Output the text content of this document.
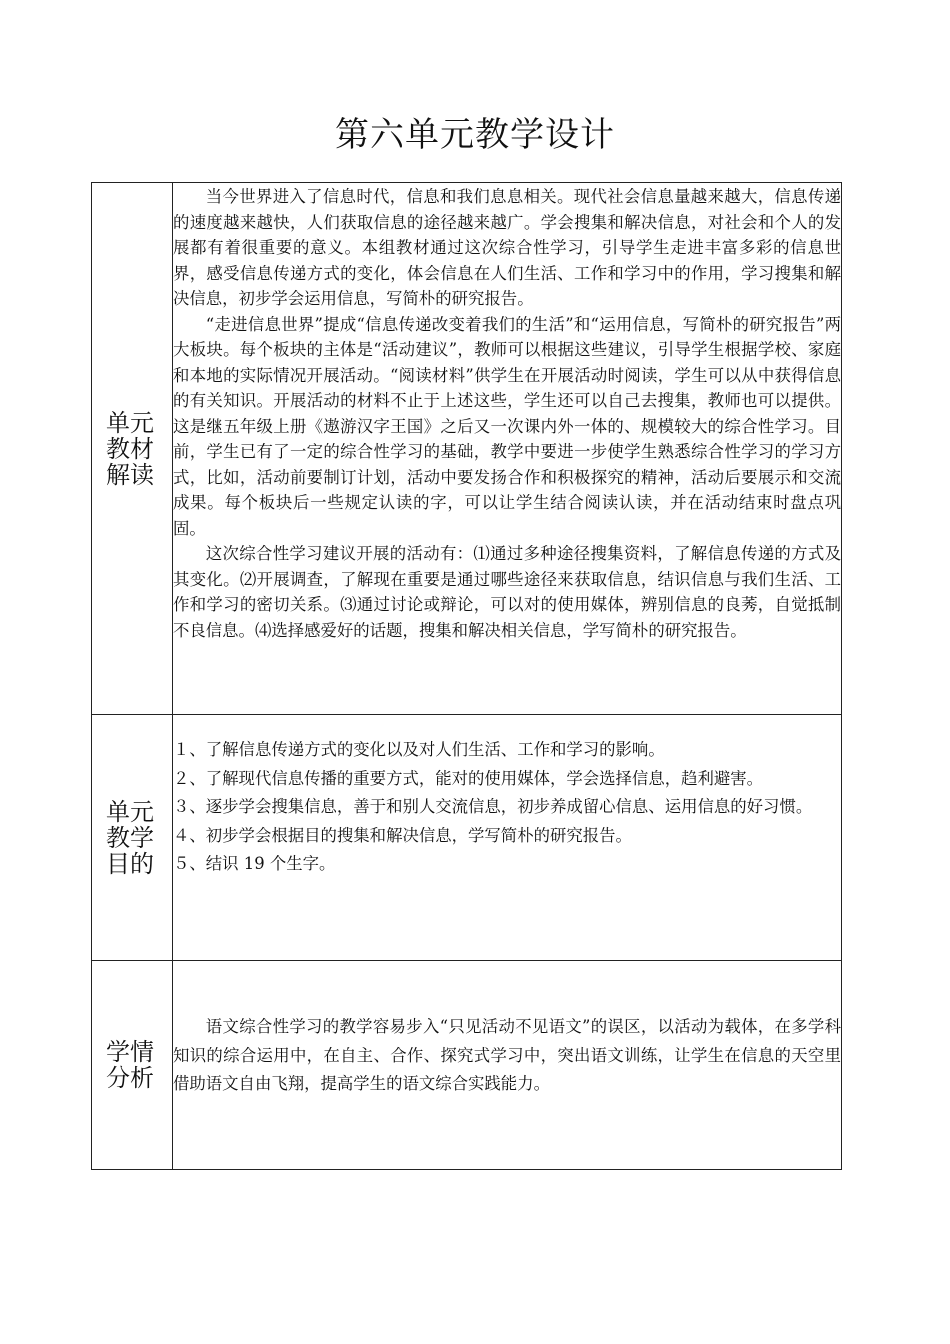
第六单元教学设计
单元教材解读	当今世界进入了信息时代，信息和我们息息相关。现代社会信息量越来越大，信息传递的速度越来越快，人们获取信息的途径越来越广。学会搜集和解决信息，对社会和个人的发展都有着很重要的意义。本组教材通过这次综合性学习，引导学生走进丰富多彩的信息世界，感受信息传递方式的变化，体会信息在人们生活、工作和学习中的作用，学习搜集和解决信息，初步学会运用信息，写简朴的研究报告。

“走进信息世界”提成“信息传递改变着我们的生活”和“运用信息，写简朴的研究报告”两大板块。每个板块的主体是“活动建议”，教师可以根据这些建议，引导学生根据学校、家庭和本地的实际情况开展活动。“阅读材料”供学生在开展活动时阅读，学生可以从中获得信息的有关知识。开展活动的材料不止于上述这些，学生还可以自己去搜集，教师也可以提供。这是继五年级上册《遨游汉字王国》之后又一次课内外一体的、规模较大的综合性学习。目前，学生已有了一定的综合性学习的基础，教学中要进一步使学生熟悉综合性学习的学习方式，比如，活动前要制订计划，活动中要发扬合作和积极探究的精神，活动后要展示和交流成果。每个板块后一些规定认读的字，可以让学生结合阅读认读，并在活动结束时盘点巩固。

这次综合性学习建议开展的活动有：⑴通过多种途径搜集资料，了解信息传递的方式及其变化。⑵开展调查，了解现在重要是通过哪些途径来获取信息，结识信息与我们生活、工作和学习的密切关系。⑶通过讨论或辩论，可以对的使用媒体，辨别信息的良莠，自觉抵制不良信息。⑷选择感爱好的话题，搜集和解决相关信息，学写简朴的研究报告。

单元教学目的	１、了解信息传递方式的变化以及对人们生活、工作和学习的影响。

２、了解现代信息传播的重要方式，能对的使用媒体，学会选择信息，趋利避害。

３、逐步学会搜集信息，善于和别人交流信息，初步养成留心信息、运用信息的好习惯。

４、初步学会根据目的搜集和解决信息，学写简朴的研究报告。

５、结识 19 个生字。

学情分析	语文综合性学习的教学容易步入“只见活动不见语文”的误区，以活动为载体，在多学科知识的综合运用中，在自主、合作、探究式学习中，突出语文训练，让学生在信息的天空里借助语文自由飞翔，提高学生的语文综合实践能力。
